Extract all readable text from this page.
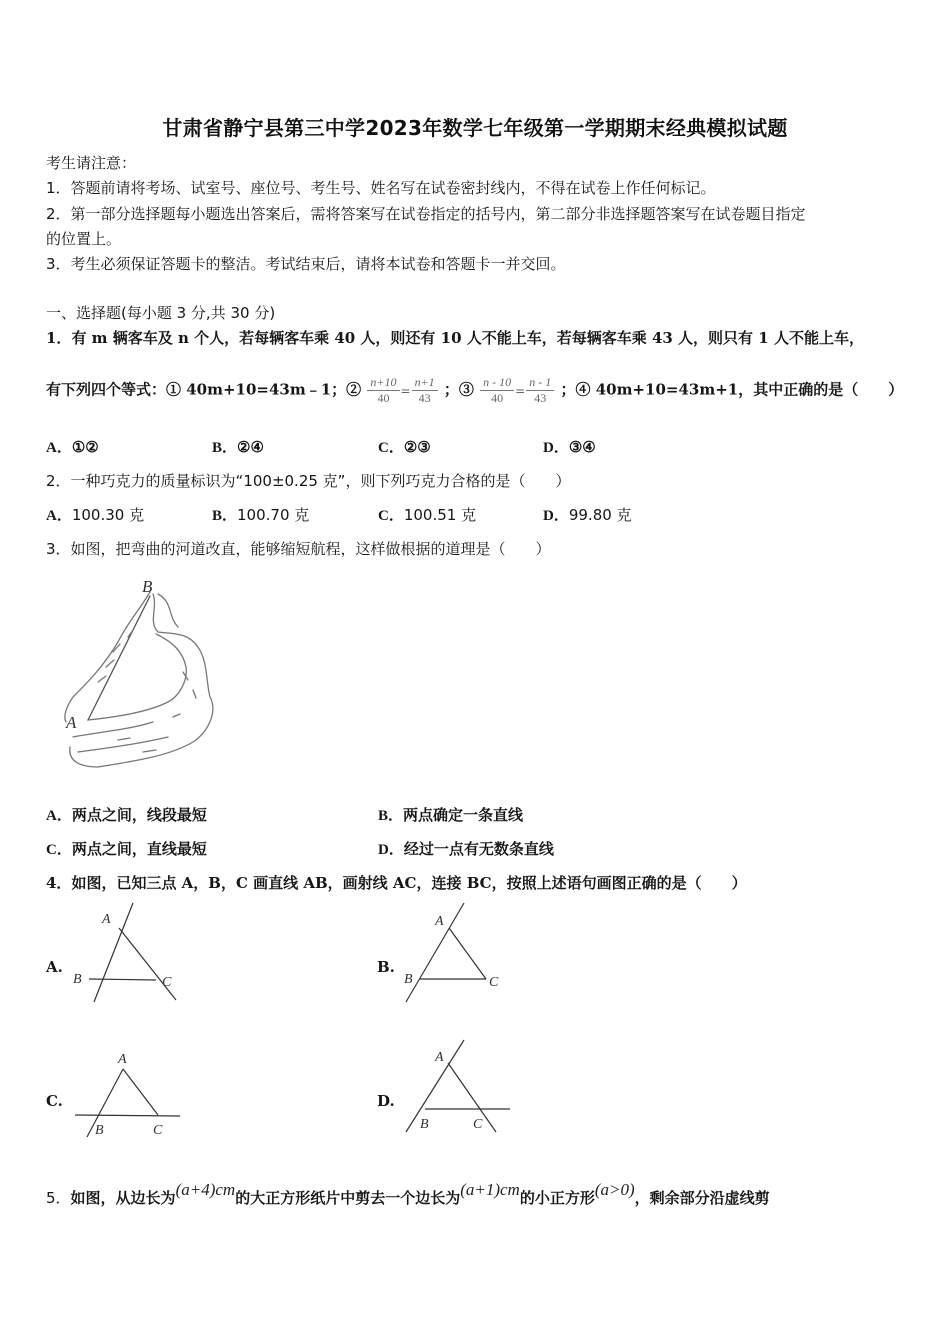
甘肃省静宁县第三中学2023年数学七年级第一学期期末经典模拟试题
考生请注意：
1．答题前请将考场、试室号、座位号、考生号、姓名写在试卷密封线内，不得在试卷上作任何标记。
2．第一部分选择题每小题选出答案后，需将答案写在试卷指定的括号内，第二部分非选择题答案写在试卷题目指定
的位置上。
3．考生必须保证答题卡的整洁。考试结束后，请将本试卷和答题卡一并交回。
一、选择题(每小题 3 分,共 30 分)
1．有 m 辆客车及 n 个人，若每辆客车乘 40 人，则还有 10 人不能上车，若每辆客车乘 43 人，则只有 1 人不能上车，
有下列四个等式：① 40m+10=43m﹣1；② $\frac{n+10}{40} = \frac{n+1}{43}$ ；③ $\frac{n - 10}{40} = \frac{n - 1}{43}$ ；④ 40m+10=43m+1，其中正确的是（　　）
A．①②	B．②④	C．②③	D．③④
2．一种巧克力的质量标识为“100±0.25 克”，则下列巧克力合格的是（　　）
A．100.30 克	B．100.70 克	C．100.51 克	D．99.80 克
3．如图，把弯曲的河道改直，能够缩短航程，这样做根据的道理是（　　）
B
A
A．两点之间，线段最短	B．两点确定一条直线
C．两点之间，直线最短	D．经过一点有无数条直线
4．如图，已知三点 A，B，C 画直线 AB，画射线 AC，连接 BC，按照上述语句画图正确的是（　　）
A.
A
B	C
B.
A
B	C
C.
A
B	C
D.
A
B	C
5．如图，从边长为(a+4)cm的大正方形纸片中剪去一个边长为(a+1)cm的小正方形(a>0)，剩余部分沿虚线剪
